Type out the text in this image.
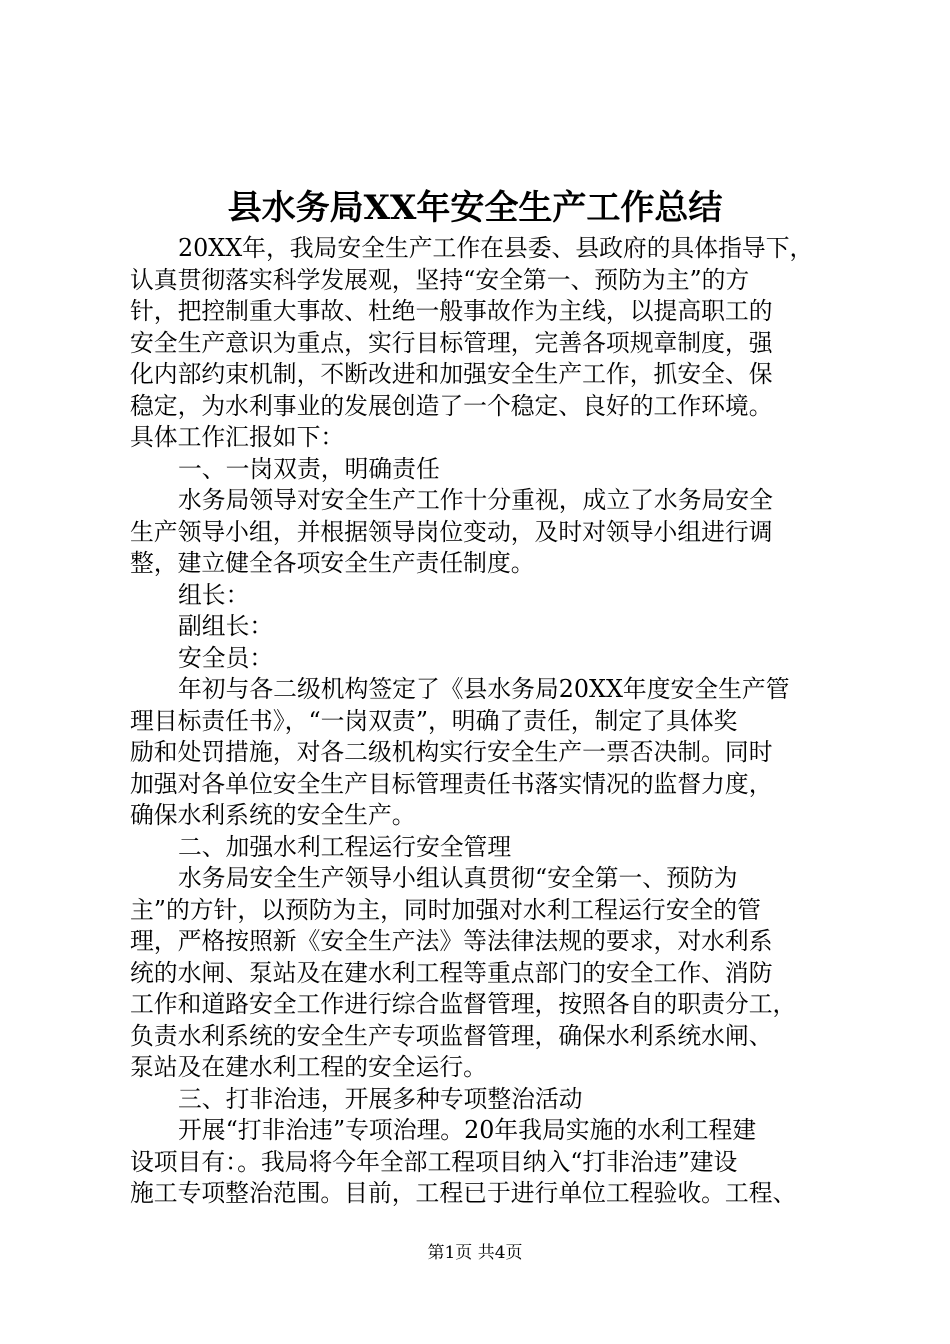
县水务局XX年安全生产工作总结
20XX年，我局安全生产工作在县委、县政府的具体指导下，
认真贯彻落实科学发展观，坚持“安全第一、预防为主”的方
针，把控制重大事故、杜绝一般事故作为主线，以提高职工的
安全生产意识为重点，实行目标管理，完善各项规章制度，强
化内部约束机制，不断改进和加强安全生产工作，抓安全、保
稳定，为水利事业的发展创造了一个稳定、良好的工作环境。
具体工作汇报如下：
一、一岗双责，明确责任
水务局领导对安全生产工作十分重视，成立了水务局安全
生产领导小组，并根据领导岗位变动，及时对领导小组进行调
整，建立健全各项安全生产责任制度。
组长：
副组长：
安全员：
年初与各二级机构签定了《县水务局20XX年度安全生产管
理目标责任书》，“一岗双责”，明确了责任，制定了具体奖
励和处罚措施，对各二级机构实行安全生产一票否决制。同时
加强对各单位安全生产目标管理责任书落实情况的监督力度，
确保水利系统的安全生产。
二、加强水利工程运行安全管理
水务局安全生产领导小组认真贯彻“安全第一、预防为
主”的方针，以预防为主，同时加强对水利工程运行安全的管
理，严格按照新《安全生产法》等法律法规的要求，对水利系
统的水闸、泵站及在建水利工程等重点部门的安全工作、消防
工作和道路安全工作进行综合监督管理，按照各自的职责分工，
负责水利系统的安全生产专项监督管理，确保水利系统水闸、
泵站及在建水利工程的安全运行。
三、打非治违，开展多种专项整治活动
开展“打非治违”专项治理。20年我局实施的水利工程建
设项目有：。我局将今年全部工程项目纳入“打非治违”建设
施工专项整治范围。目前，工程已于进行单位工程验收。工程、
第1页 共4页
